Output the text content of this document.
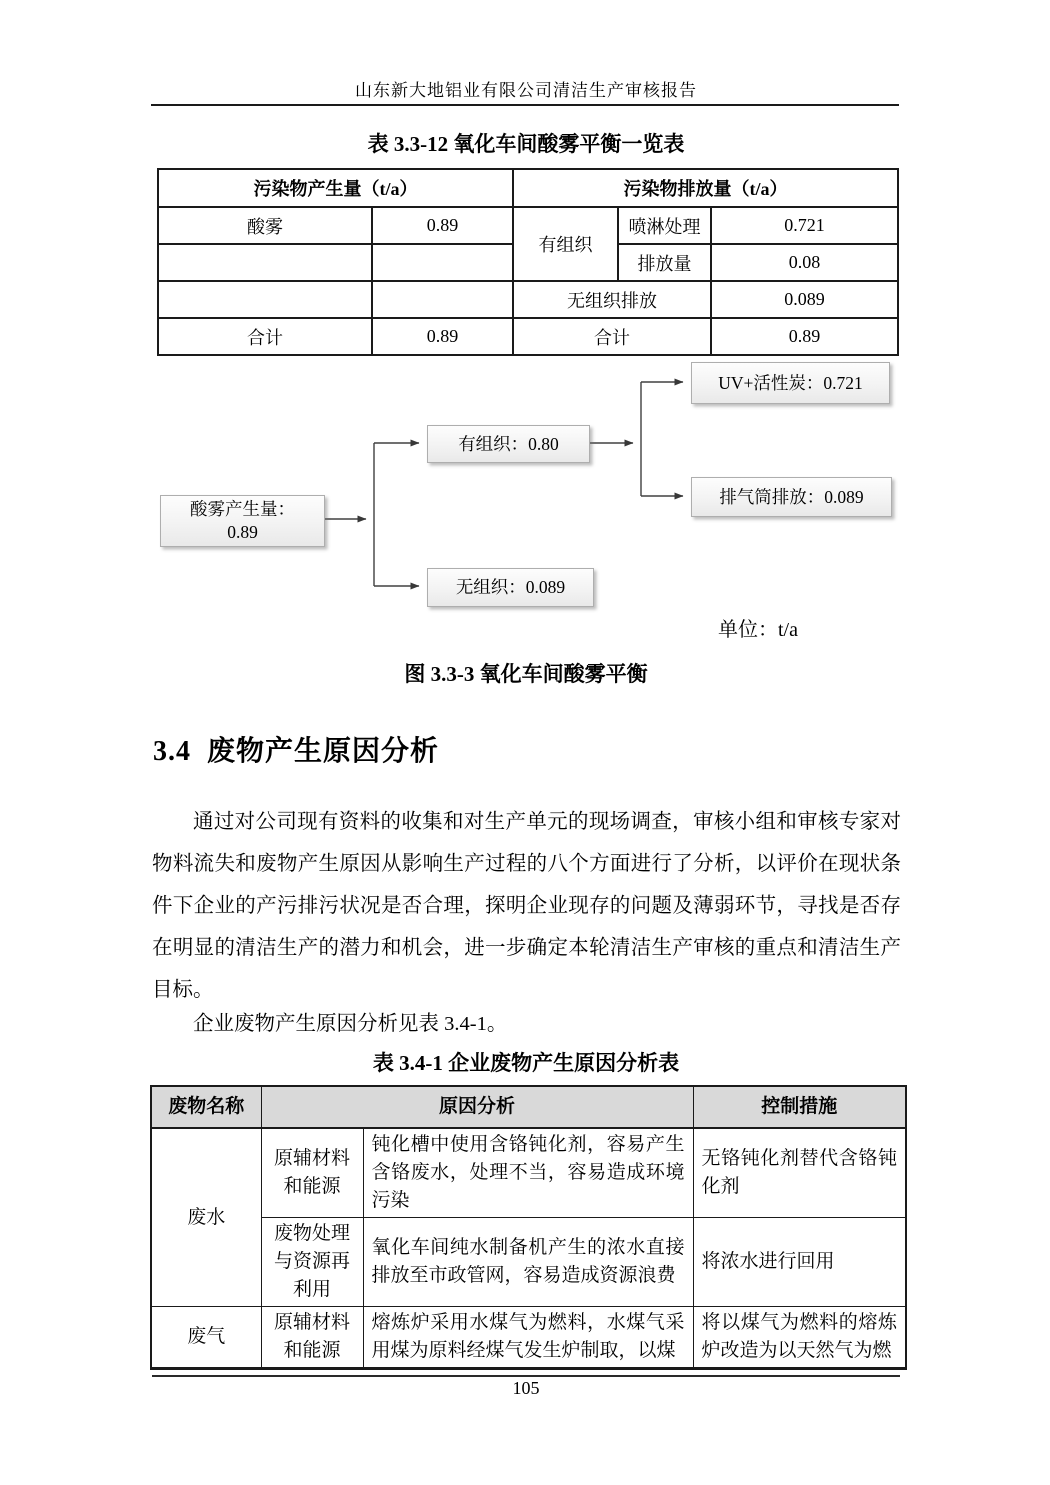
山东新大地铝业有限公司清洁生产审核报告
表 3.3-12 氧化车间酸雾平衡一览表
污染物产生量（t/a）		污染物排放量（t/a）		
酸雾	0.89	有组织	喷淋处理	0.721
			排放量	0.08
		无组织排放		0.089
合计	0.89	合计		0.89
酸雾产生量：
0.89
有组织：0.80
无组织：0.089
UV+活性炭：0.721
排气筒排放：0.089
单位：t/a
图 3.3-3 氧化车间酸雾平衡
3.4 废物产生原因分析
通过对公司现有资料的收集和对生产单元的现场调查，审核小组和审核专家对物料流失和废物产生原因从影响生产过程的八个方面进行了分析，以评价在现状条件下企业的产污排污状况是否合理，探明企业现存的问题及薄弱环节，寻找是否存在明显的清洁生产的潜力和机会，进一步确定本轮清洁生产审核的重点和清洁生产目标。
企业废物产生原因分析见表 3.4-1。
表 3.4-1 企业废物产生原因分析表
废物名称	原因分析		控制措施
废水	原辅材料和能源	钝化槽中使用含铬钝化剂，容易产生含铬废水，处理不当，容易造成环境污染	无铬钝化剂替代含铬钝化剂
	废物处理与资源再利用	氧化车间纯水制备机产生的浓水直接排放至市政管网，容易造成资源浪费	将浓水进行回用
废气	原辅材料和能源	熔炼炉采用水煤气为燃料，水煤气采用煤为原料经煤气发生炉制取，以煤	将以煤气为燃料的熔炼炉改造为以天然气为燃
105
